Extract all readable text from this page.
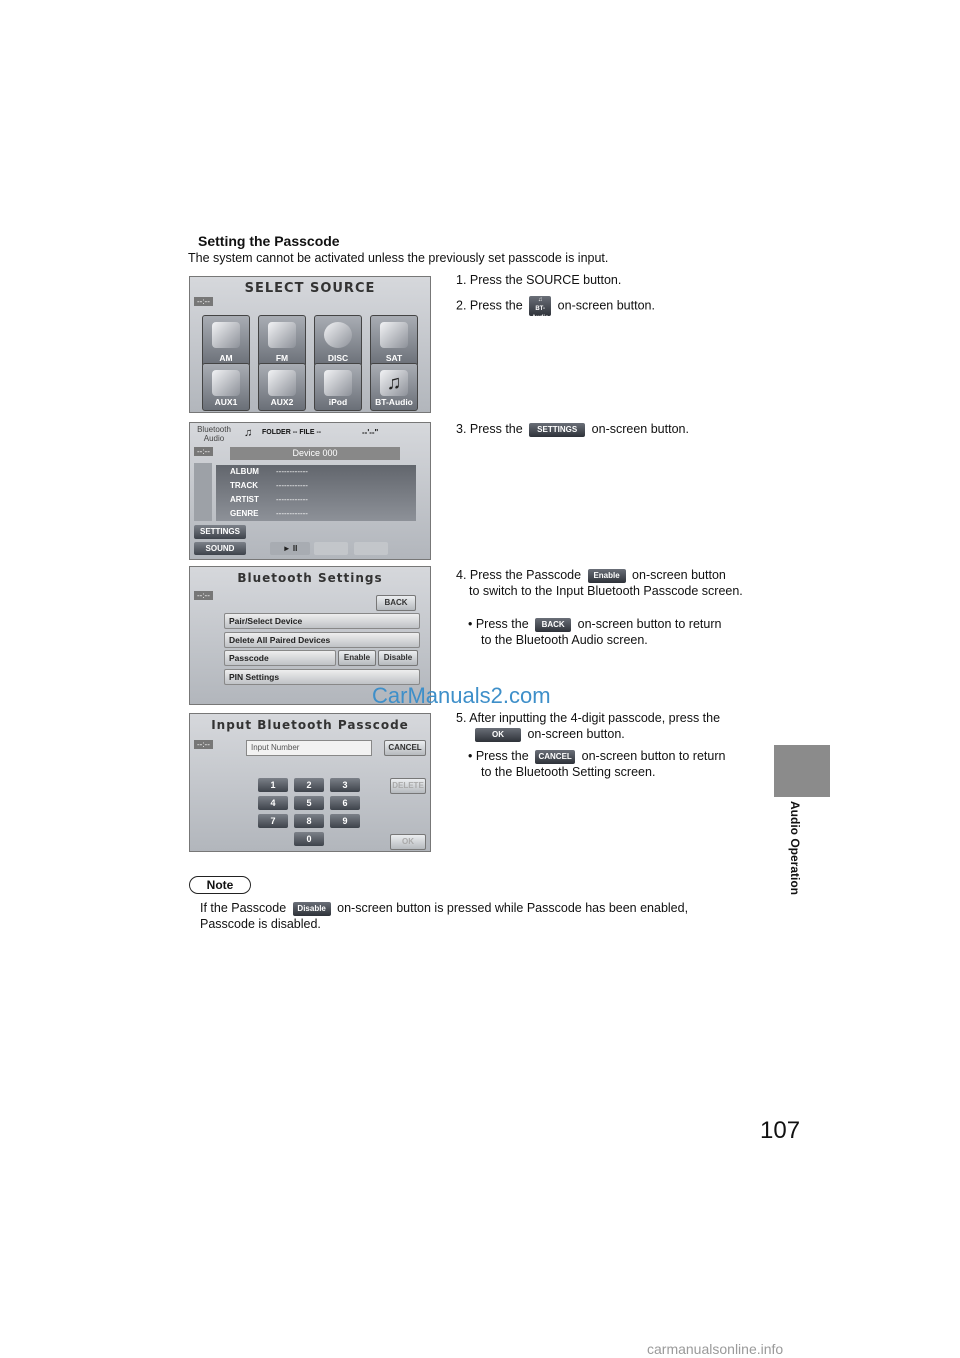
Setting the Passcode
The system cannot be activated unless the previously set passcode is input.
SELECT SOURCE
--:--
AM	FM	DISC	SAT
AUX1	AUX2	iPod
♫
BT-Audio
Bluetooth Audio	♫ FOLDER -- FILE --	--'--"
--:--	Device 000
ALBUM ------------
TRACK ------------
ARTIST ------------
GENRE ------------
SETTINGS
SOUND	► II
Bluetooth Settings
--:--
BACK
Pair/Select Device
Delete All Paired Devices
Passcode	Enable	Disable
PIN Settings
Input Bluetooth Passcode
--:--	Input Number	CANCEL
1	2	3
4	5	6
7	8	9
0
DELETE
OK
1. Press the SOURCE button.
2. Press the	♫
BT-Audio on-screen button.
3. Press the SETTINGS on-screen button.
4. Press the Passcode Enable on-screen button
to switch to the Input Bluetooth Passcode screen.
• Press the BACK on-screen button to return
to the Bluetooth Audio screen.
5. After inputting the 4-digit passcode, press the
OK on-screen button.
• Press the CANCEL on-screen button to return
to the Bluetooth Setting screen.
CarManuals2.com
Note
If the Passcode Disable on-screen button is pressed while Passcode has been enabled, Passcode is disabled.
Audio Operation
107
carmanualsonline.info
